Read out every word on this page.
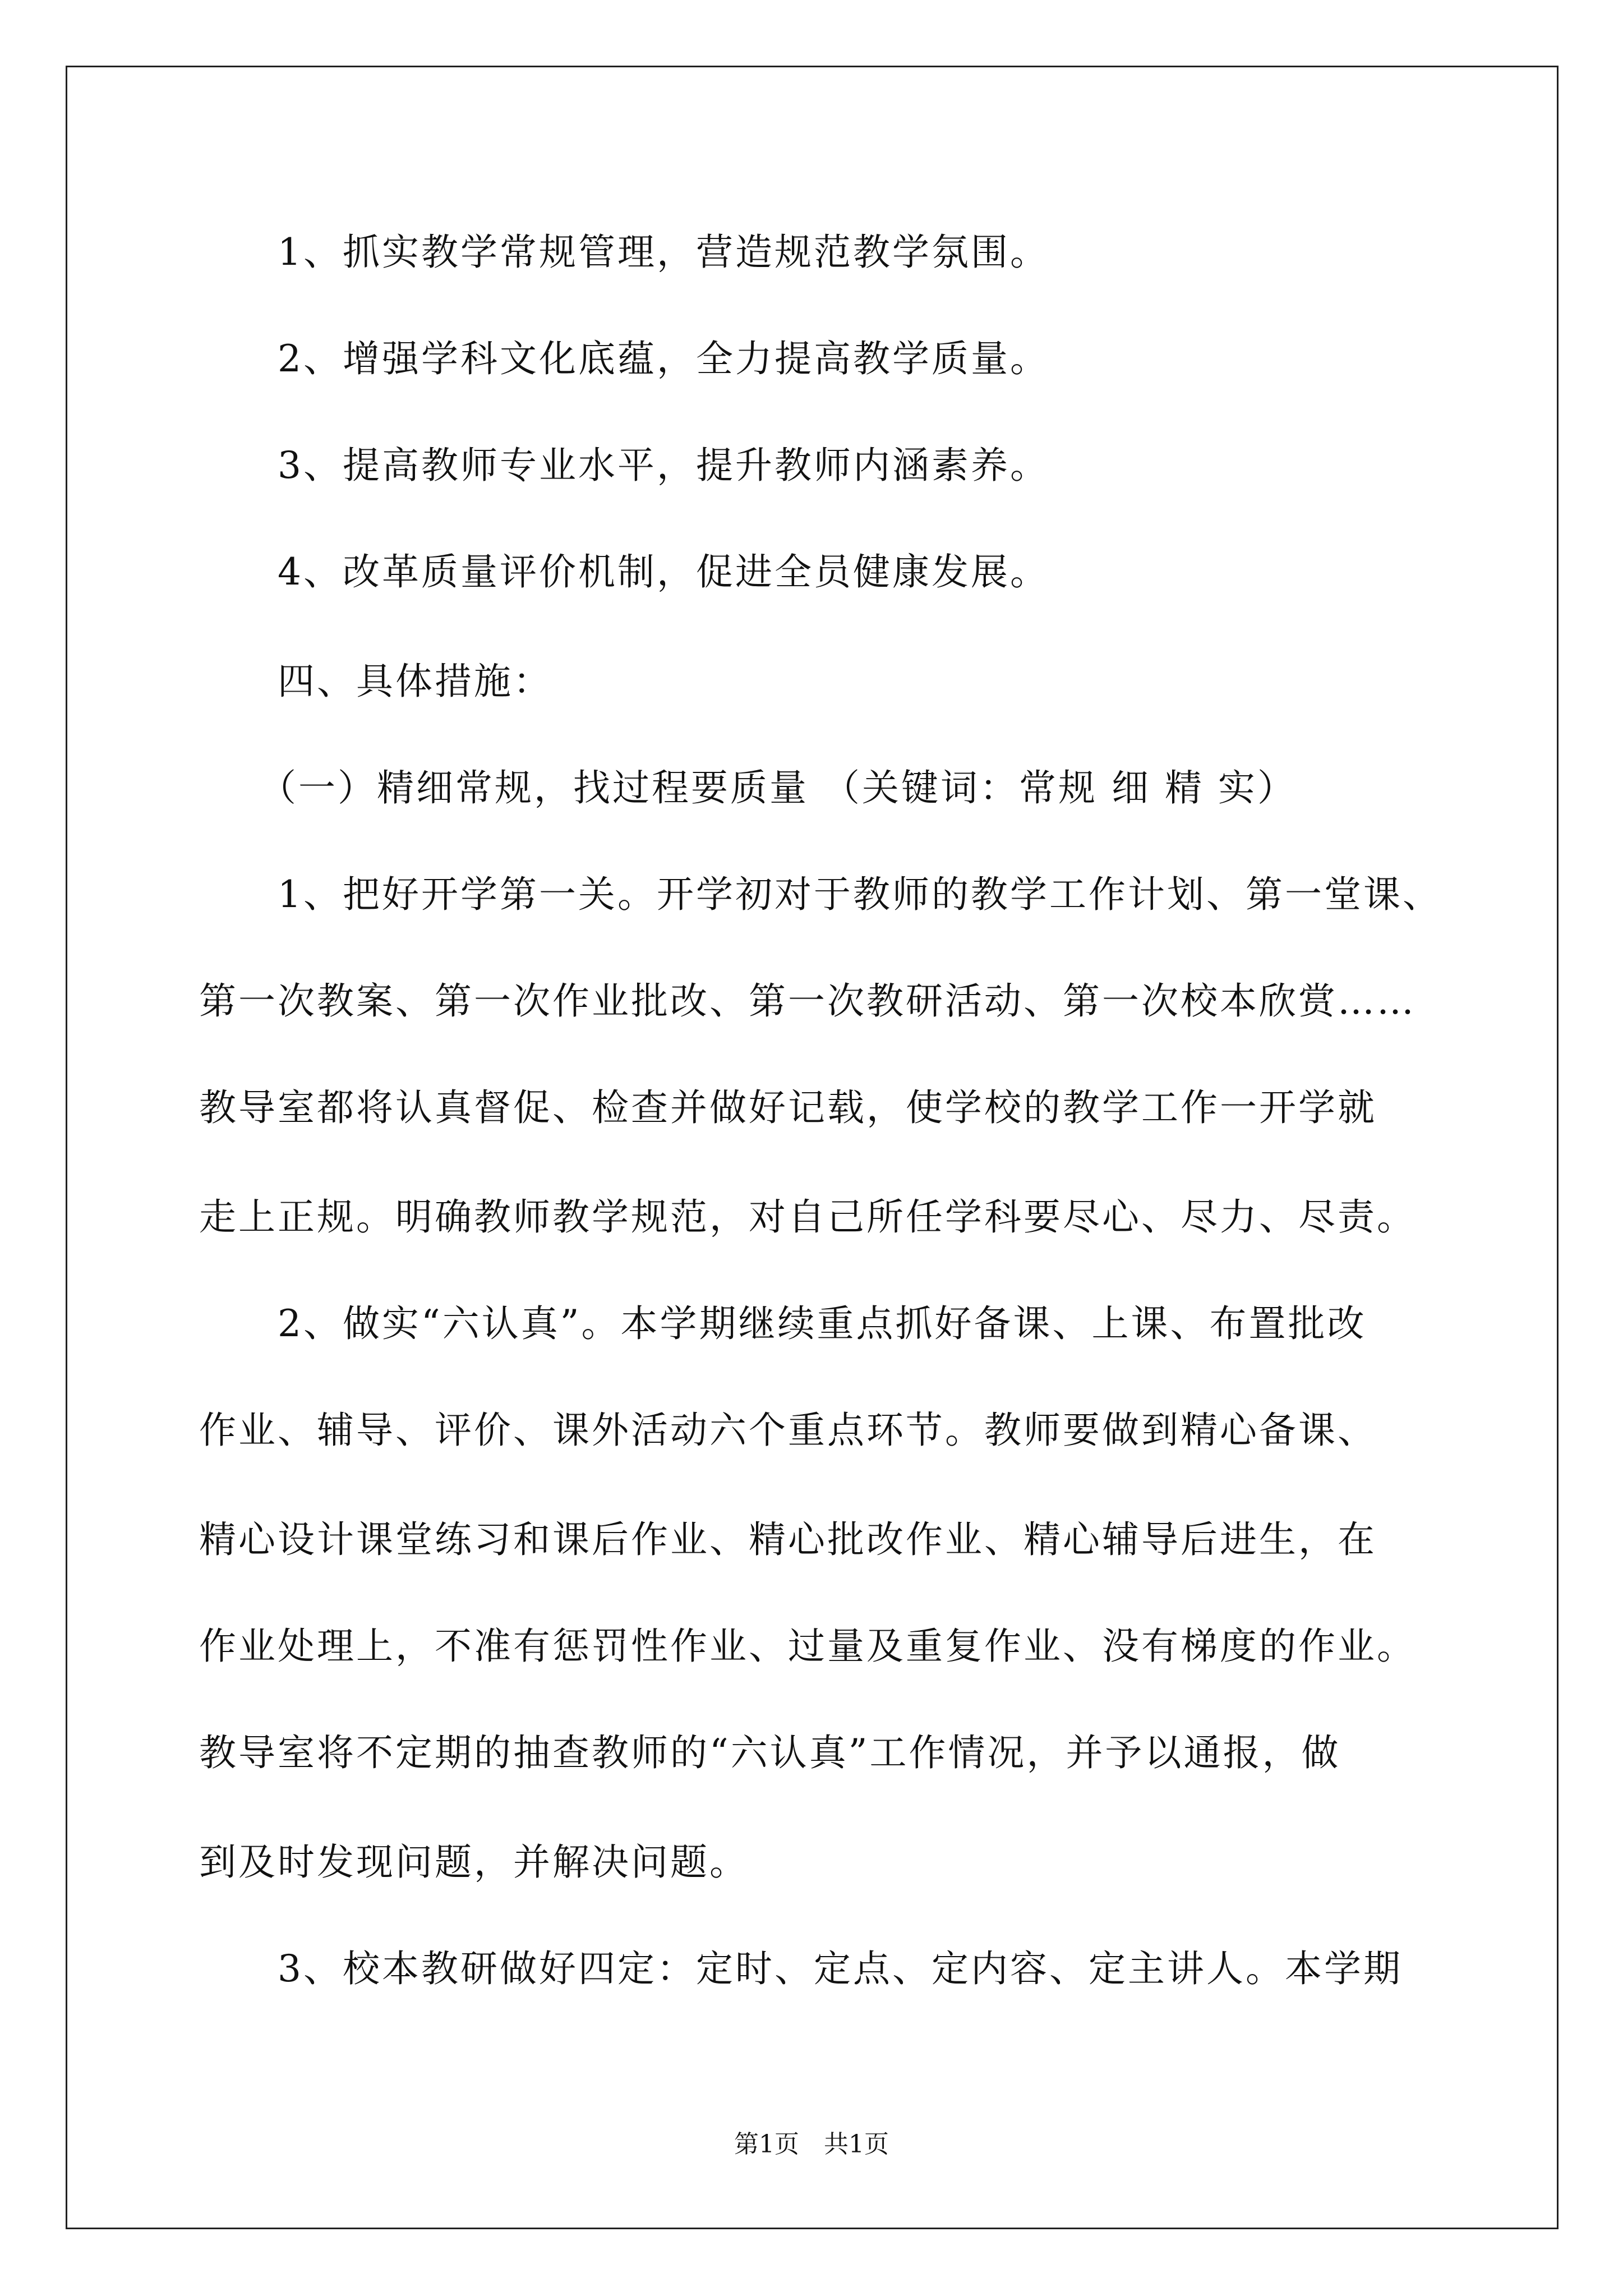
　　1、抓实教学常规管理，营造规范教学氛围。
　　2、增强学科文化底蕴，全力提高教学质量。
　　3、提高教师专业水平，提升教师内涵素养。
　　4、改革质量评价机制，促进全员健康发展。
　　四、具体措施：
　　（一）精细常规，找过程要质量 （关键词：常规 细 精 实）
　　1、把好开学第一关。开学初对于教师的教学工作计划、第一堂课、
第一次教案、第一次作业批改、第一次教研活动、第一次校本欣赏……
教导室都将认真督促、检查并做好记载，使学校的教学工作一开学就
走上正规。明确教师教学规范，对自己所任学科要尽心、尽力、尽责。
　　2、做实“六认真”。本学期继续重点抓好备课、上课、布置批改
作业、辅导、评价、课外活动六个重点环节。教师要做到精心备课、
精心设计课堂练习和课后作业、精心批改作业、精心辅导后进生，在
作业处理上，不准有惩罚性作业、过量及重复作业、没有梯度的作业。
教导室将不定期的抽查教师的“六认真”工作情况，并予以通报，做
到及时发现问题，并解决问题。
　　3、校本教研做好四定：定时、定点、定内容、定主讲人。本学期
第1页　共1页
